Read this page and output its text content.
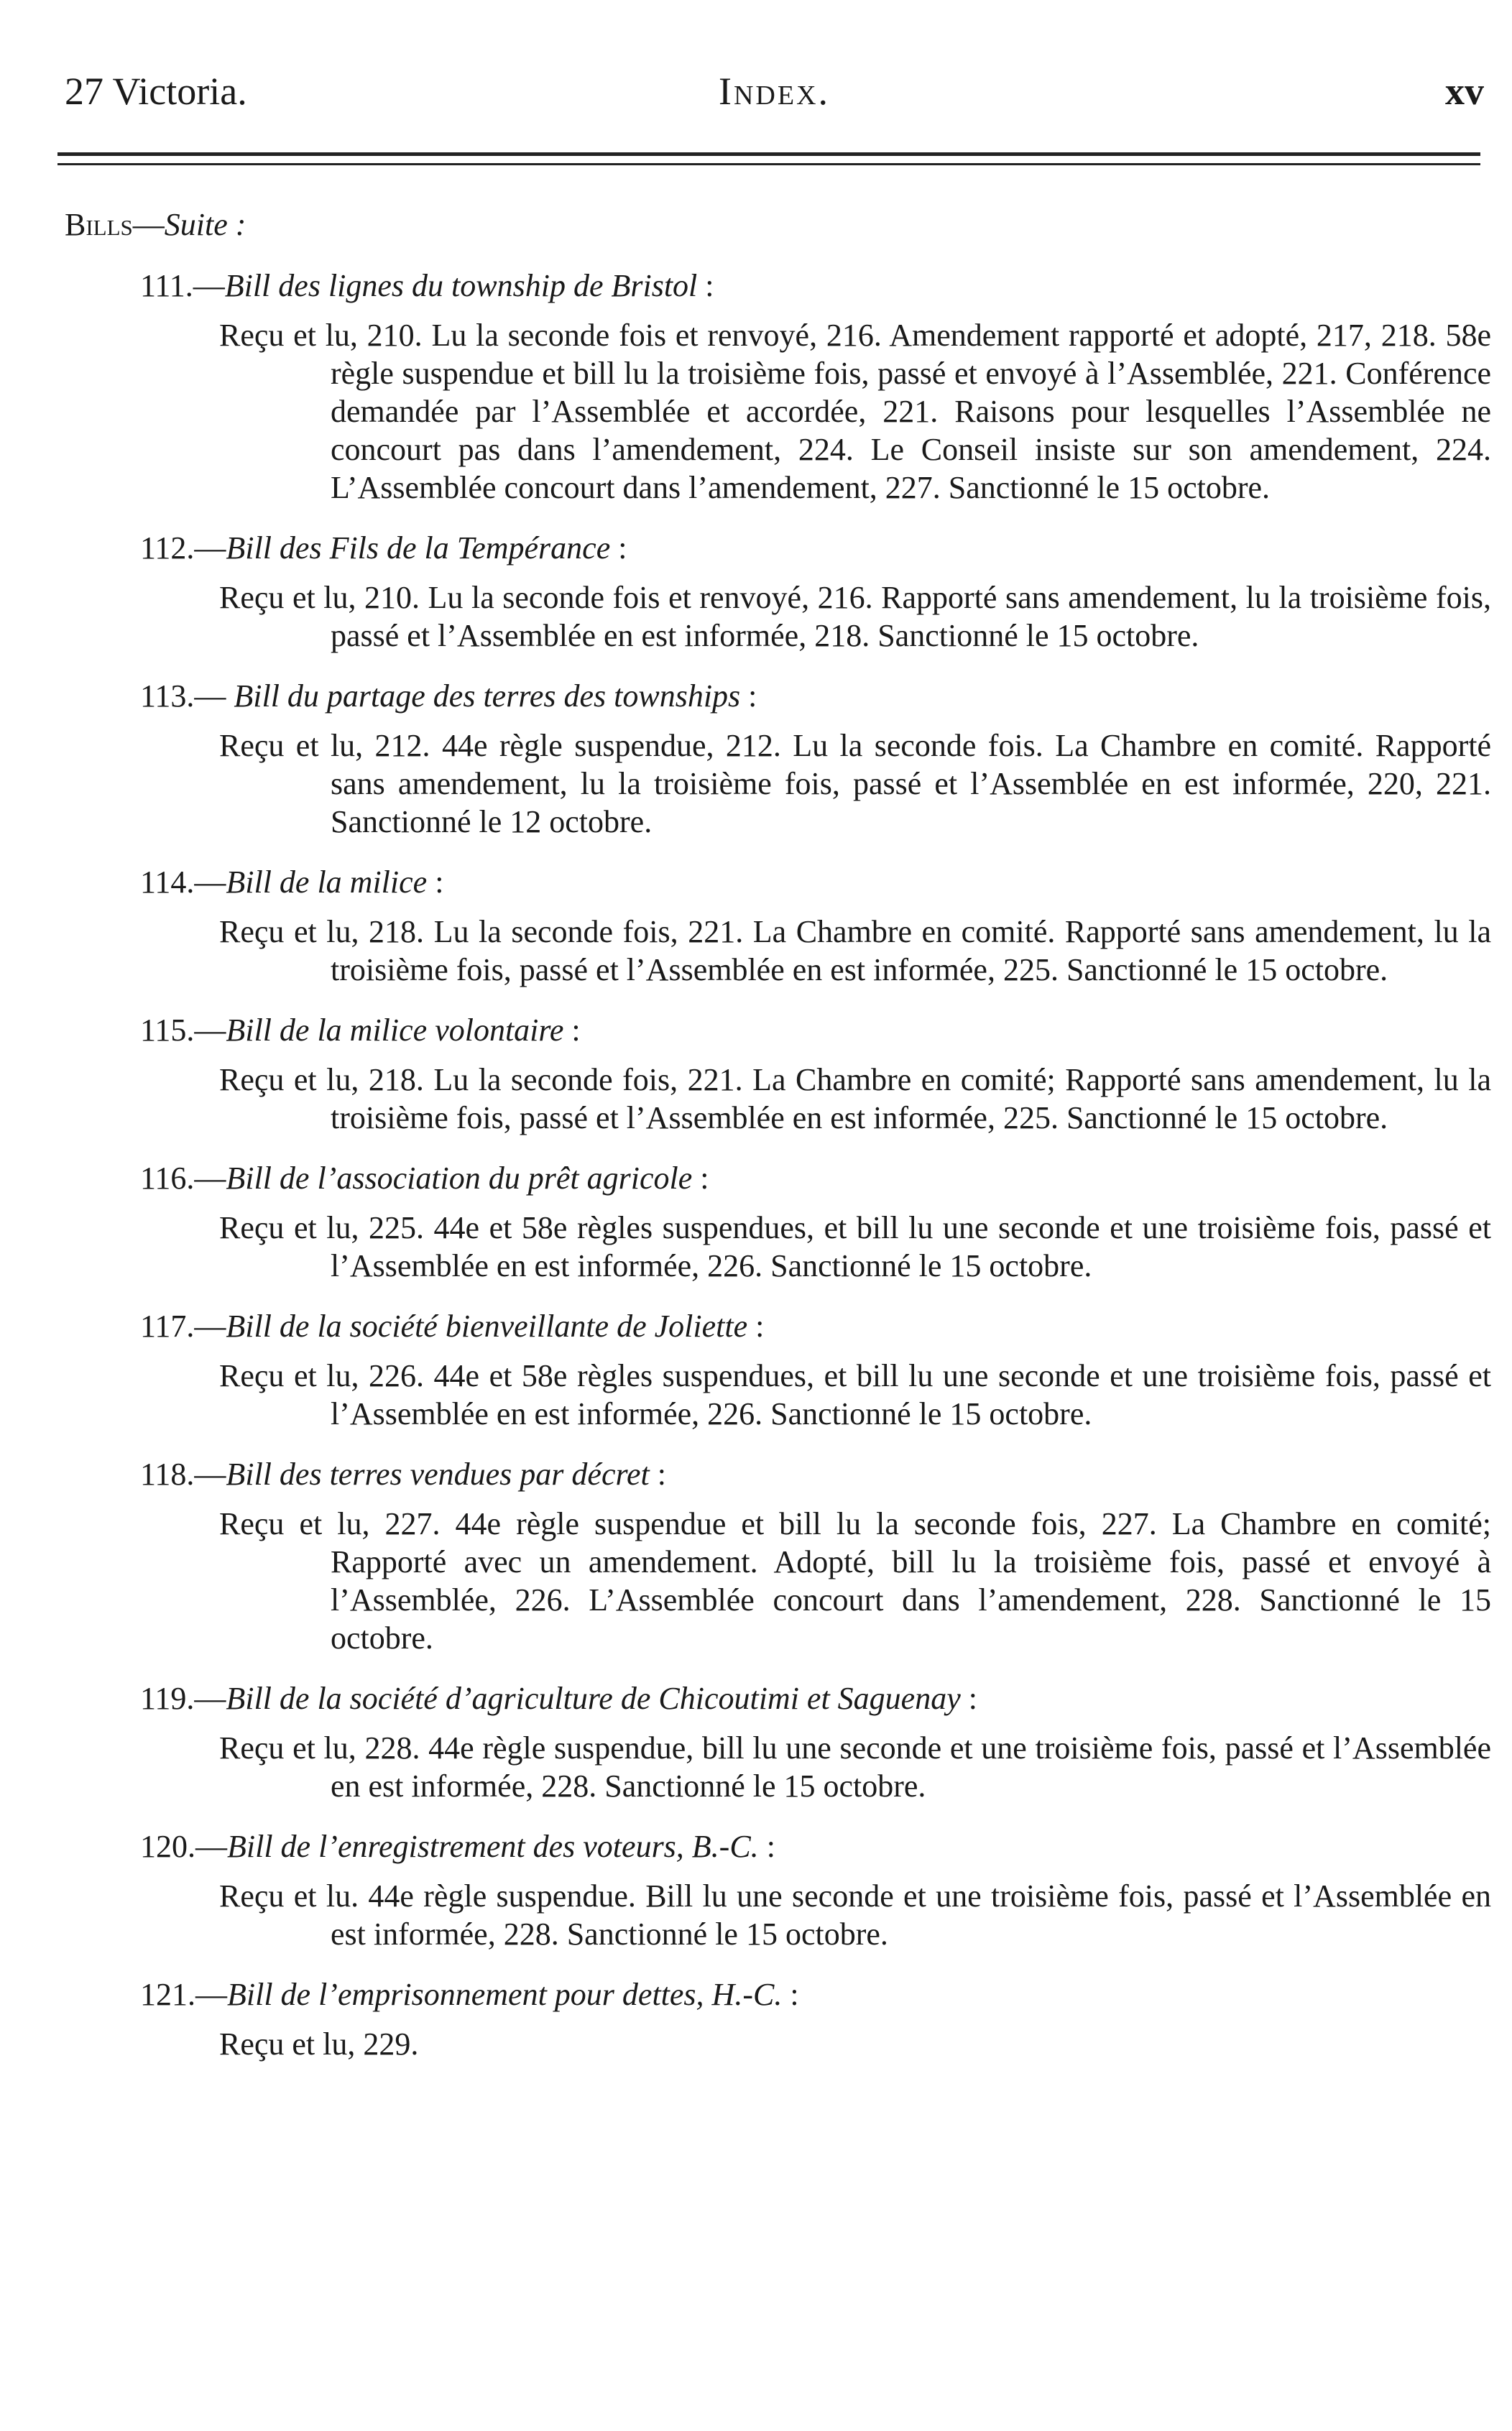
27 Victoria.	Index.	xv
Bills—Suite :
111.—Bill des lignes du township de Bristol :
Reçu et lu, 210. Lu la seconde fois et renvoyé, 216. Amendement rapporté et adopté, 217, 218. 58e règle suspendue et bill lu la troisième fois, passé et envoyé à l’Assemblée, 221. Conférence demandée par l’Assemblée et accordée, 221. Raisons pour lesquelles l’Assemblée ne concourt pas dans l’amendement, 224. Le Conseil insiste sur son amendement, 224. L’Assemblée concourt dans l’amendement, 227. Sanctionné le 15 octobre.
112.—Bill des Fils de la Tempérance :
Reçu et lu, 210. Lu la seconde fois et renvoyé, 216. Rapporté sans amendement, lu la troisième fois, passé et l’Assemblée en est informée, 218. Sanctionné le 15 octobre.
113.— Bill du partage des terres des townships :
Reçu et lu, 212. 44e règle suspendue, 212. Lu la seconde fois. La Chambre en comité. Rapporté sans amendement, lu la troisième fois, passé et l’Assemblée en est informée, 220, 221. Sanctionné le 12 octobre.
114.—Bill de la milice :
Reçu et lu, 218. Lu la seconde fois, 221. La Chambre en comité. Rapporté sans amendement, lu la troisième fois, passé et l’Assemblée en est informée, 225. Sanctionné le 15 octobre.
115.—Bill de la milice volontaire :
Reçu et lu, 218. Lu la seconde fois, 221. La Chambre en comité; Rapporté sans amendement, lu la troisième fois, passé et l’Assemblée en est informée, 225. Sanctionné le 15 octobre.
116.—Bill de l’association du prêt agricole :
Reçu et lu, 225. 44e et 58e règles suspendues, et bill lu une seconde et une troisième fois, passé et l’Assemblée en est informée, 226. Sanctionné le 15 octobre.
117.—Bill de la société bienveillante de Joliette :
Reçu et lu, 226. 44e et 58e règles suspendues, et bill lu une seconde et une troisième fois, passé et l’Assemblée en est informée, 226. Sanctionné le 15 octobre.
118.—Bill des terres vendues par décret :
Reçu et lu, 227. 44e règle suspendue et bill lu la seconde fois, 227. La Chambre en comité; Rapporté avec un amendement. Adopté, bill lu la troisième fois, passé et envoyé à l’Assemblée, 226. L’Assemblée concourt dans l’amendement, 228. Sanctionné le 15 octobre.
119.—Bill de la société d’agriculture de Chicoutimi et Saguenay :
Reçu et lu, 228. 44e règle suspendue, bill lu une seconde et une troisième fois, passé et l’Assemblée en est informée, 228. Sanctionné le 15 octobre.
120.—Bill de l’enregistrement des voteurs, B.-C. :
Reçu et lu. 44e règle suspendue. Bill lu une seconde et une troisième fois, passé et l’Assemblée en est informée, 228. Sanctionné le 15 octobre.
121.—Bill de l’emprisonnement pour dettes, H.-C. :
Reçu et lu, 229.
